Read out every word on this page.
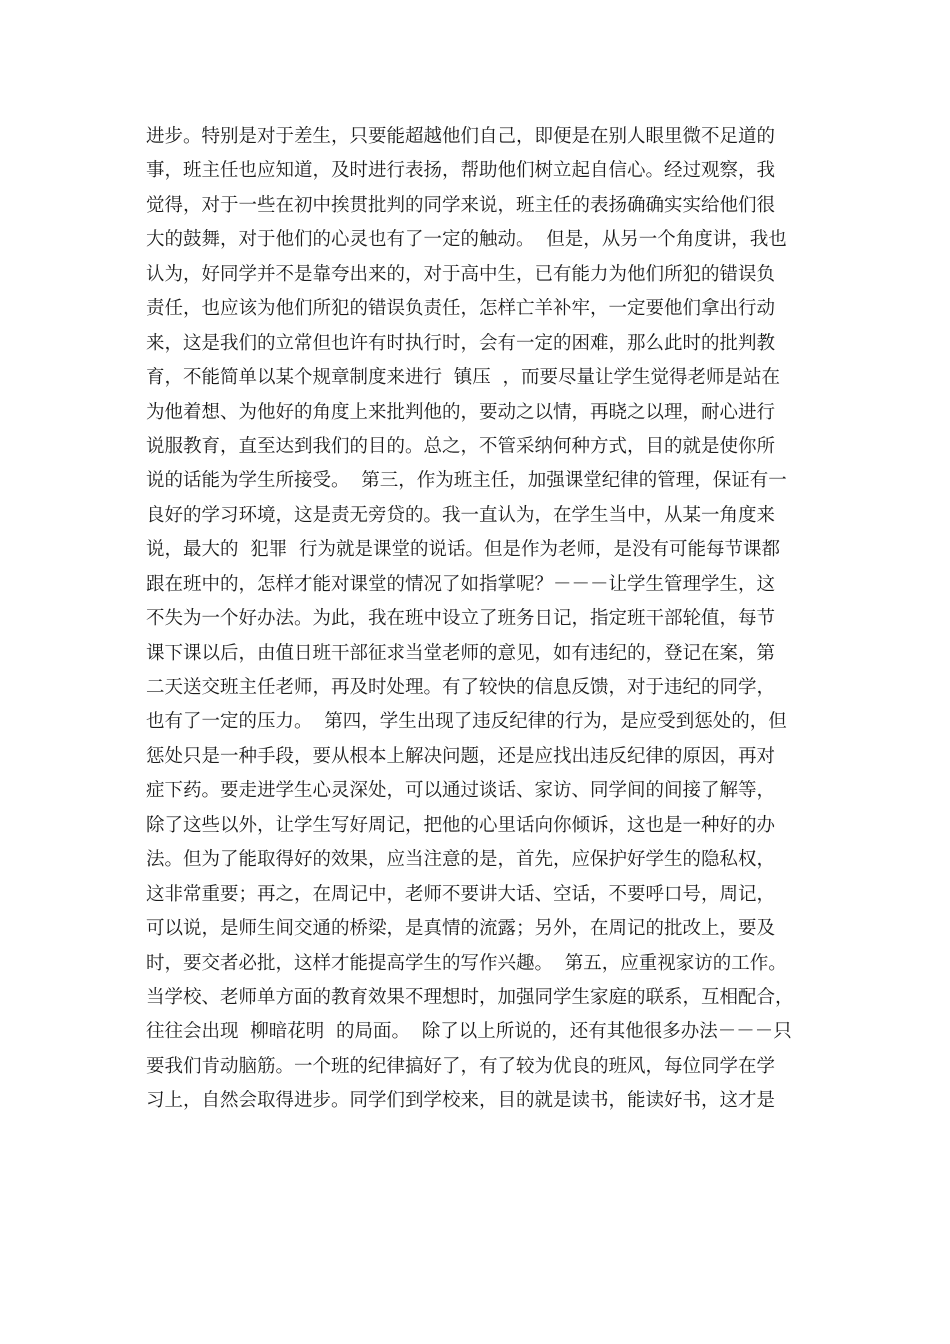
进步。特别是对于差生，只要能超越他们自己，即便是在别人眼里微不足道的
事，班主任也应知道，及时进行表扬，帮助他们树立起自信心。经过观察，我
觉得，对于一些在初中挨贯批判的同学来说，班主任的表扬确确实实给他们很
大的鼓舞，对于他们的心灵也有了一定的触动。  但是，从另一个角度讲，我也
认为，好同学并不是靠夸出来的，对于高中生，已有能力为他们所犯的错误负
责任，也应该为他们所犯的错误负责任，怎样亡羊补牢，一定要他们拿出行动
来，这是我们的立常但也许有时执行时，会有一定的困难，那么此时的批判教
育，不能简单以某个规章制度来进行  镇压  ，而要尽量让学生觉得老师是站在
为他着想、为他好的角度上来批判他的，要动之以情，再晓之以理，耐心进行
说服教育，直至达到我们的目的。总之，不管采纳何种方式，目的就是使你所
说的话能为学生所接受。  第三，作为班主任，加强课堂纪律的管理，保证有一
良好的学习环境，这是责无旁贷的。我一直认为，在学生当中，从某一角度来
说，最大的  犯罪  行为就是课堂的说话。但是作为老师，是没有可能每节课都
跟在班中的，怎样才能对课堂的情况了如指掌呢？－－－让学生管理学生，这
不失为一个好办法。为此，我在班中设立了班务日记，指定班干部轮值，每节
课下课以后，由值日班干部征求当堂老师的意见，如有违纪的，登记在案，第
二天送交班主任老师，再及时处理。有了较快的信息反馈，对于违纪的同学，
也有了一定的压力。  第四，学生出现了违反纪律的行为，是应受到惩处的，但
惩处只是一种手段，要从根本上解决问题，还是应找出违反纪律的原因，再对
症下药。要走进学生心灵深处，可以通过谈话、家访、同学间的间接了解等，
除了这些以外，让学生写好周记，把他的心里话向你倾诉，这也是一种好的办
法。但为了能取得好的效果，应当注意的是，首先，应保护好学生的隐私权，
这非常重要；再之，在周记中，老师不要讲大话、空话，不要呼口号，周记，
可以说，是师生间交通的桥梁，是真情的流露；另外，在周记的批改上，要及
时，要交者必批，这样才能提高学生的写作兴趣。  第五，应重视家访的工作。
当学校、老师单方面的教育效果不理想时，加强同学生家庭的联系，互相配合，
往往会出现  柳暗花明  的局面。  除了以上所说的，还有其他很多办法－－－只
要我们肯动脑筋。一个班的纪律搞好了，有了较为优良的班风，每位同学在学
习上，自然会取得进步。同学们到学校来，目的就是读书，能读好书，这才是
